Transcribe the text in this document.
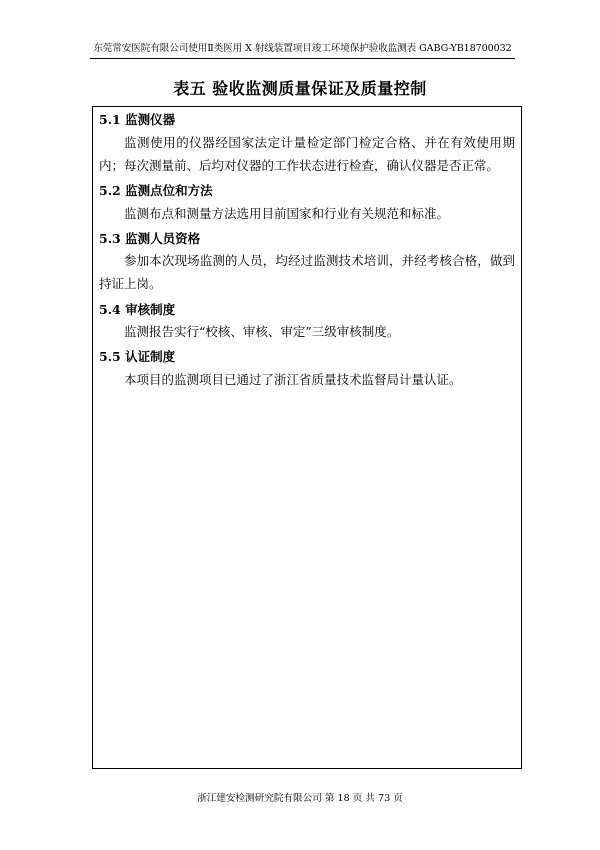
东莞常安医院有限公司使用Ⅱ类医用 X 射线装置项目竣工环境保护验收监测表 GABG-YB18700032
表五 验收监测质量保证及质量控制
5.1 监测仪器
监测使用的仪器经国家法定计量检定部门检定合格、并在有效使用期内；每次测量前、后均对仪器的工作状态进行检查，确认仪器是否正常。
5.2 监测点位和方法
监测布点和测量方法选用目前国家和行业有关规范和标准。
5.3 监测人员资格
参加本次现场监测的人员，均经过监测技术培训，并经考核合格，做到持证上岗。
5.4 审核制度
监测报告实行“校核、审核、审定”三级审核制度。
5.5 认证制度
本项目的监测项目已通过了浙江省质量技术监督局计量认证。
浙江建安检测研究院有限公司 第 18 页 共 73 页
